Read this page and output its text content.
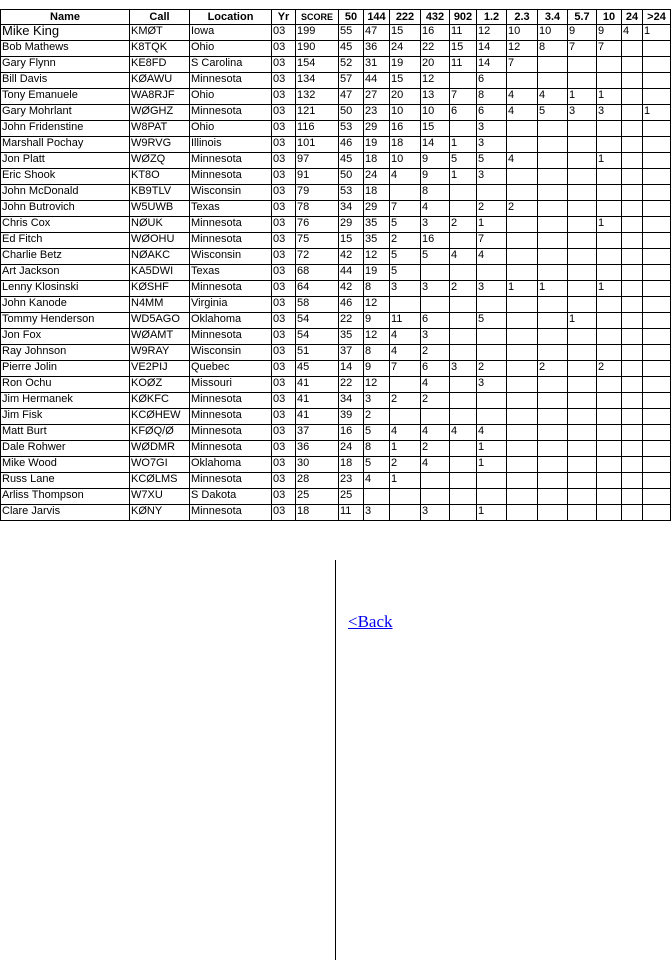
Name	Call	Location	Yr	SCORE	50	144	222	432	902	1.2	2.3	3.4	5.7	10	24	>24
Mike King	KMØT	Iowa	03	199	55	47	15	16	11	12	10	10	9	9	4	1
Bob Mathews	K8TQK	Ohio	03	190	45	36	24	22	15	14	12	8	7	7		
Gary Flynn	KE8FD	S Carolina	03	154	52	31	19	20	11	14	7					
Bill Davis	KØAWU	Minnesota	03	134	57	44	15	12		6						
Tony Emanuele	WA8RJF	Ohio	03	132	47	27	20	13	7	8	4	4	1	1		
Gary Mohrlant	WØGHZ	Minnesota	03	121	50	23	10	10	6	6	4	5	3	3		1
John Fridenstine	W8PAT	Ohio	03	116	53	29	16	15		3						
Marshall Pochay	W9RVG	Illinois	03	101	46	19	18	14	1	3						
Jon Platt	WØZQ	Minnesota	03	97	45	18	10	9	5	5	4			1		
Eric Shook	KT8O	Minnesota	03	91	50	24	4	9	1	3						
John McDonald	KB9TLV	Wisconsin	03	79	53	18		8								
John Butrovich	W5UWB	Texas	03	78	34	29	7	4		2	2					
Chris Cox	NØUK	Minnesota	03	76	29	35	5	3	2	1				1		
Ed Fitch	WØOHU	Minnesota	03	75	15	35	2	16		7						
Charlie Betz	NØAKC	Wisconsin	03	72	42	12	5	5	4	4						
Art Jackson	KA5DWI	Texas	03	68	44	19	5									
Lenny Klosinski	KØSHF	Minnesota	03	64	42	8	3	3	2	3	1	1		1		
John Kanode	N4MM	Virginia	03	58	46	12										
Tommy Henderson	WD5AGO	Oklahoma	03	54	22	9	11	6		5			1			
Jon Fox	WØAMT	Minnesota	03	54	35	12	4	3								
Ray Johnson	W9RAY	Wisconsin	03	51	37	8	4	2								
Pierre Jolin	VE2PIJ	Quebec	03	45	14	9	7	6	3	2		2		2		
Ron Ochu	KOØZ	Missouri	03	41	22	12		4		3						
Jim Hermanek	KØKFC	Minnesota	03	41	34	3	2	2								
Jim Fisk	KCØHEW	Minnesota	03	41	39	2										
Matt Burt	KFØQ/Ø	Minnesota	03	37	16	5	4	4	4	4						
Dale Rohwer	WØDMR	Minnesota	03	36	24	8	1	2		1						
Mike Wood	WO7GI	Oklahoma	03	30	18	5	2	4		1						
Russ Lane	KCØLMS	Minnesota	03	28	23	4	1									
Arliss Thompson	W7XU	S Dakota	03	25	25											
Clare Jarvis	KØNY	Minnesota	03	18	11	3		3		1						
<Back
